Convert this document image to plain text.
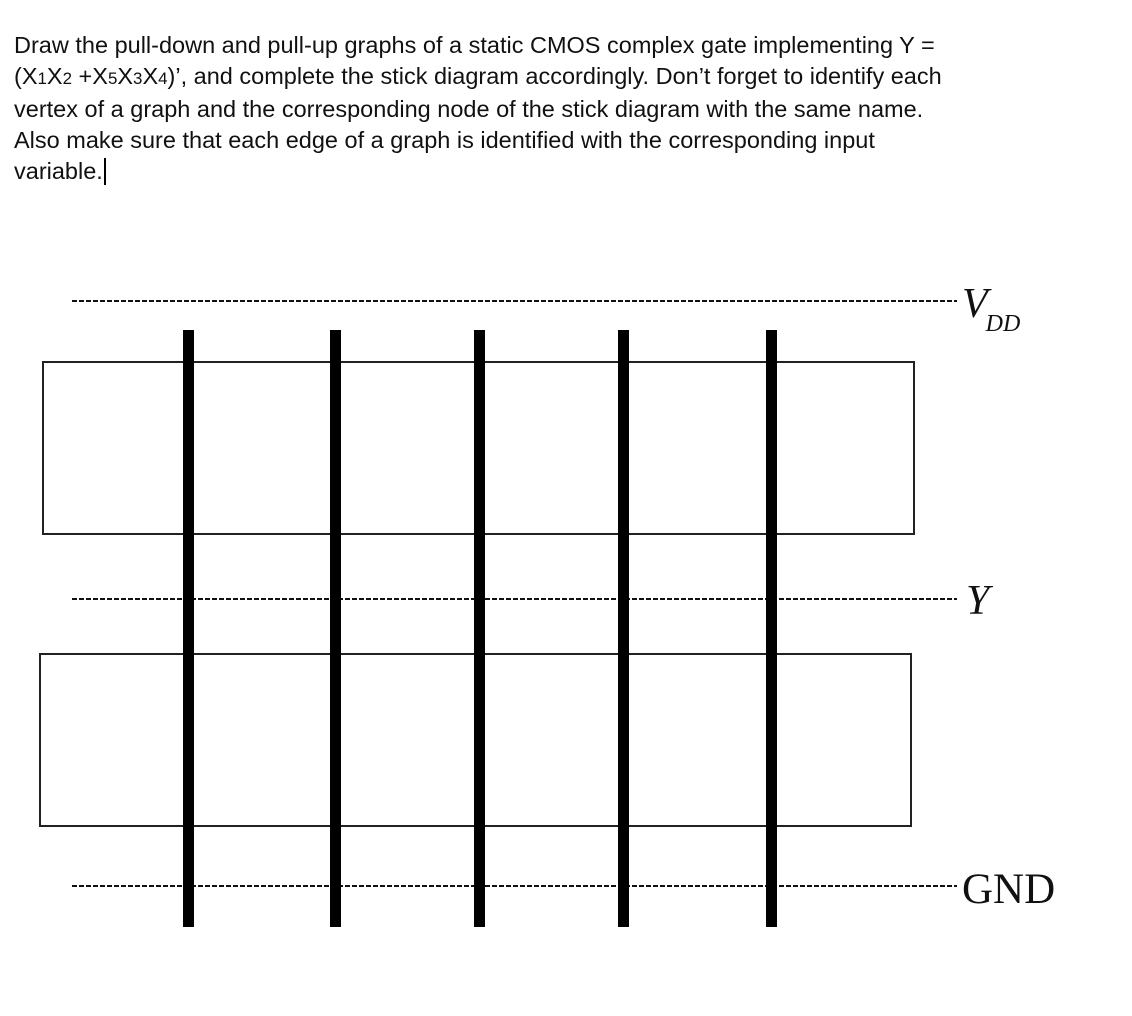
Draw the pull-down and pull-up graphs of a static CMOS complex gate implementing Y =
(X1X2 +X5X3X4)’, and complete the stick diagram accordingly. Don’t forget to identify each
vertex of a graph and the corresponding node of the stick diagram with the same name.
Also make sure that each edge of a graph is identified with the corresponding input
variable.
VDD
Y
GND
